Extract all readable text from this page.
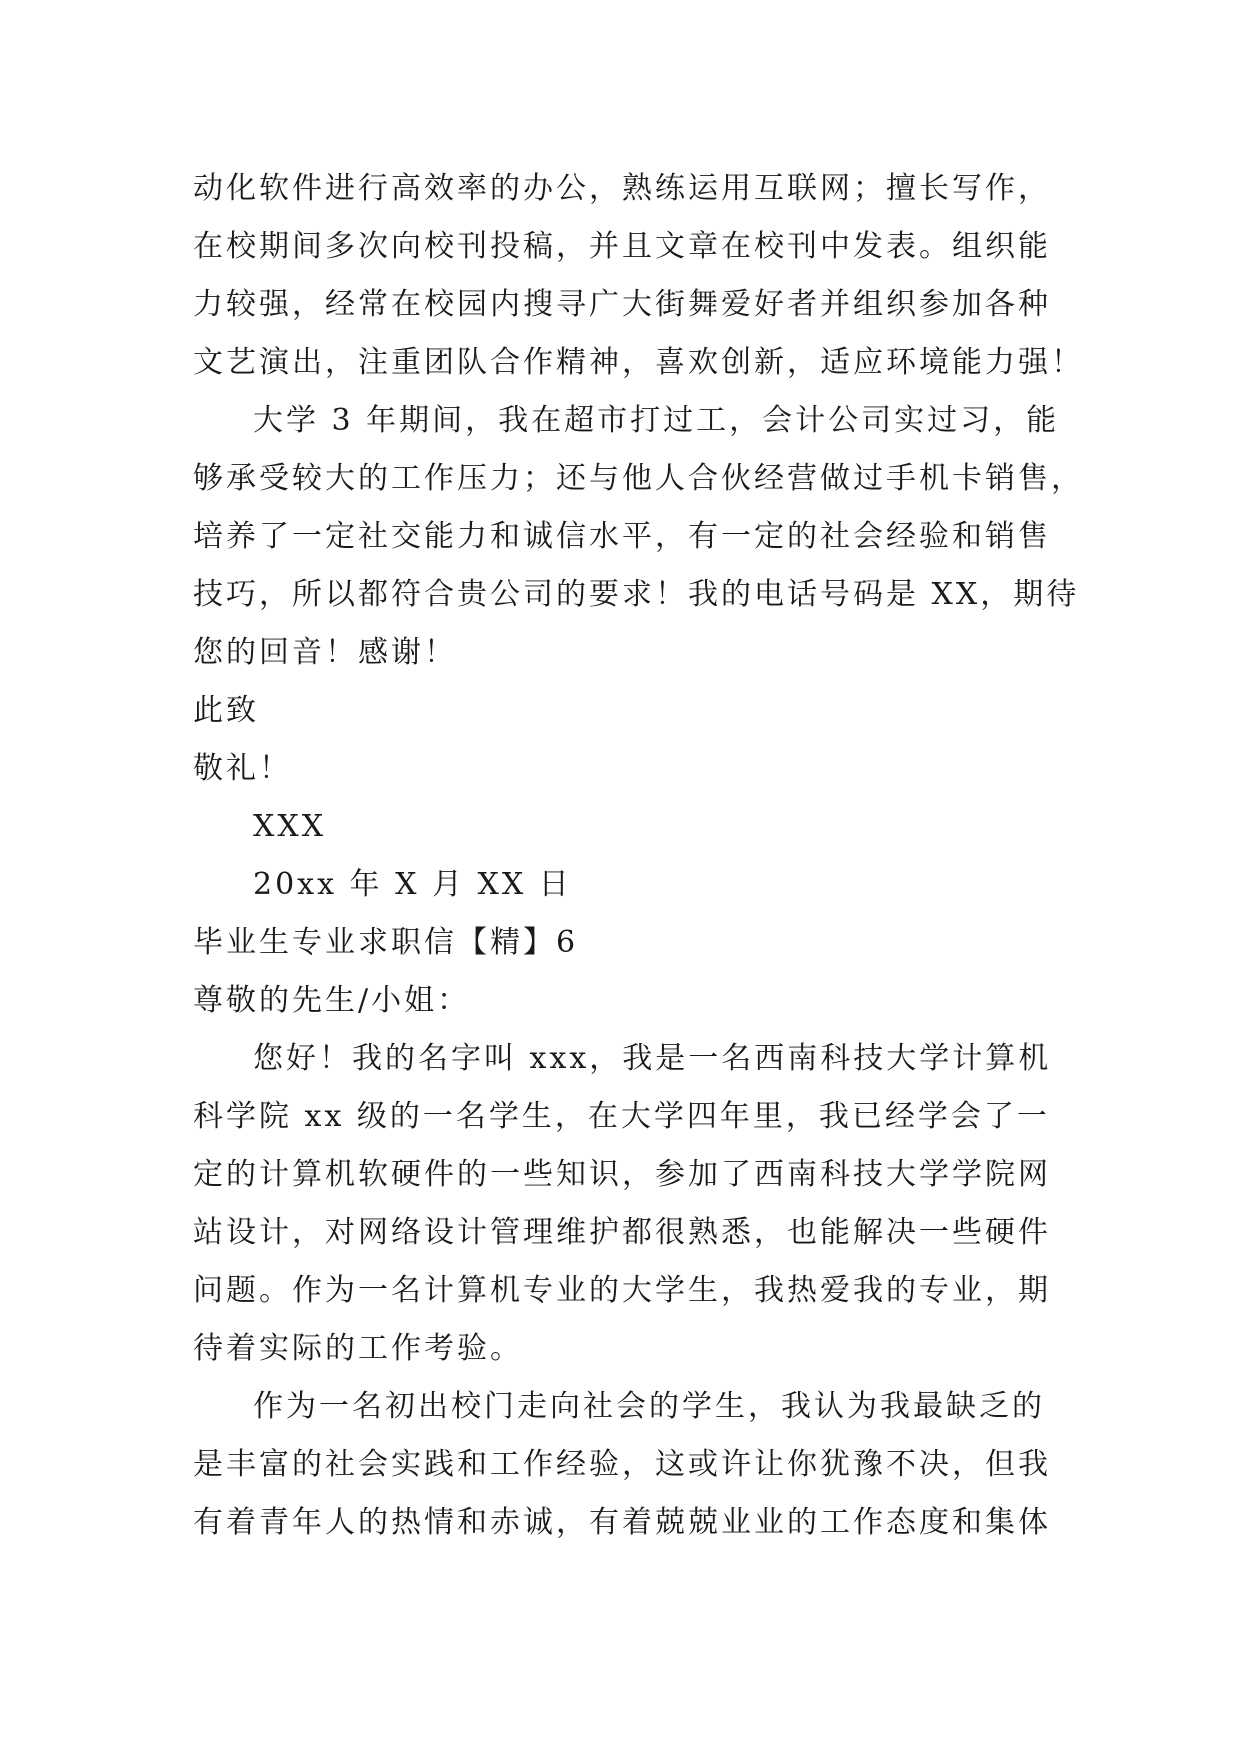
动化软件进行高效率的办公，熟练运用互联网；擅长写作，
在校期间多次向校刊投稿，并且文章在校刊中发表。组织能
力较强，经常在校园内搜寻广大街舞爱好者并组织参加各种
文艺演出，注重团队合作精神，喜欢创新，适应环境能力强！

大学 3 年期间，我在超市打过工，会计公司实过习，能
够承受较大的工作压力；还与他人合伙经营做过手机卡销售，
培养了一定社交能力和诚信水平，有一定的社会经验和销售
技巧，所以都符合贵公司的要求！我的电话号码是 XX，期待
您的回音！感谢！

此致

敬礼！

XXX

20xx 年 X 月 XX 日

毕业生专业求职信【精】6

尊敬的先生/小姐：

您好！我的名字叫 xxx，我是一名西南科技大学计算机
科学院 xx 级的一名学生，在大学四年里，我已经学会了一
定的计算机软硬件的一些知识，参加了西南科技大学学院网
站设计，对网络设计管理维护都很熟悉，也能解决一些硬件
问题。作为一名计算机专业的大学生，我热爱我的专业，期
待着实际的工作考验。

作为一名初出校门走向社会的学生，我认为我最缺乏的
是丰富的社会实践和工作经验，这或许让你犹豫不决，但我
有着青年人的热情和赤诚，有着兢兢业业的工作态度和集体
